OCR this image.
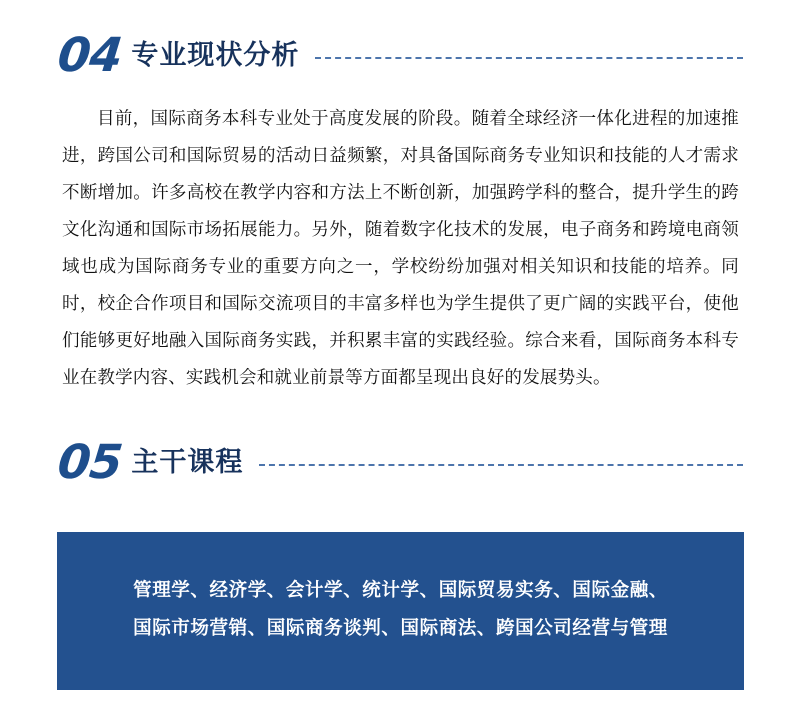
04 专业现状分析

目前，国际商务本科专业处于高度发展的阶段。随着全球经济一体化进程的加速推进，跨国公司和国际贸易的活动日益频繁，对具备国际商务专业知识和技能的人才需求不断增加。许多高校在教学内容和方法上不断创新，加强跨学科的整合，提升学生的跨文化沟通和国际市场拓展能力。另外，随着数字化技术的发展，电子商务和跨境电商领域也成为国际商务专业的重要方向之一，学校纷纷加强对相关知识和技能的培养。同时，校企合作项目和国际交流项目的丰富多样也为学生提供了更广阔的实践平台，使他们能够更好地融入国际商务实践，并积累丰富的实践经验。综合来看，国际商务本科专业在教学内容、实践机会和就业前景等方面都呈现出良好的发展势头。

05 主干课程
管理学、经济学、会计学、统计学、国际贸易实务、国际金融、
国际市场营销、国际商务谈判、国际商法、跨国公司经营与管理
